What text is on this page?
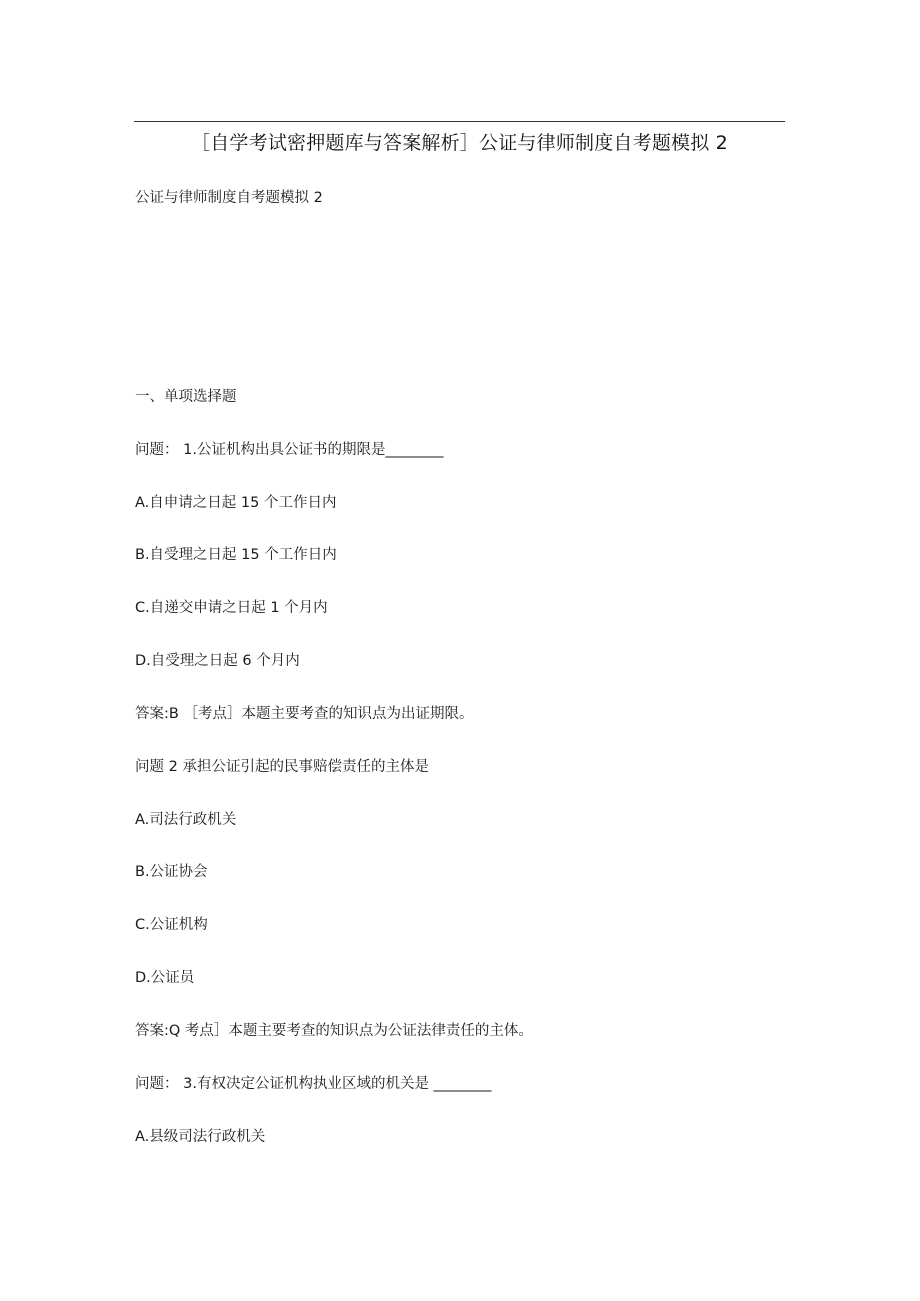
［自学考试密押题库与答案解析］公证与律师制度自考题模拟 2
公证与律师制度自考题模拟 2
一、单项选择题
问题： 1.公证机构出具公证书的期限是________
A.自申请之日起 15 个工作日内
B.自受理之日起 15 个工作日内
C.自递交申请之日起 1 个月内
D.自受理之日起 6 个月内
答案:B ［考点］本题主要考查的知识点为出证期限。
问题 2 承担公证引起的民事赔偿责任的主体是
A.司法行政机关
B.公证协会
C.公证机构
D.公证员
答案:Q 考点］本题主要考查的知识点为公证法律责任的主体。
问题： 3.有权决定公证机构执业区域的机关是 ________
A.县级司法行政机关
